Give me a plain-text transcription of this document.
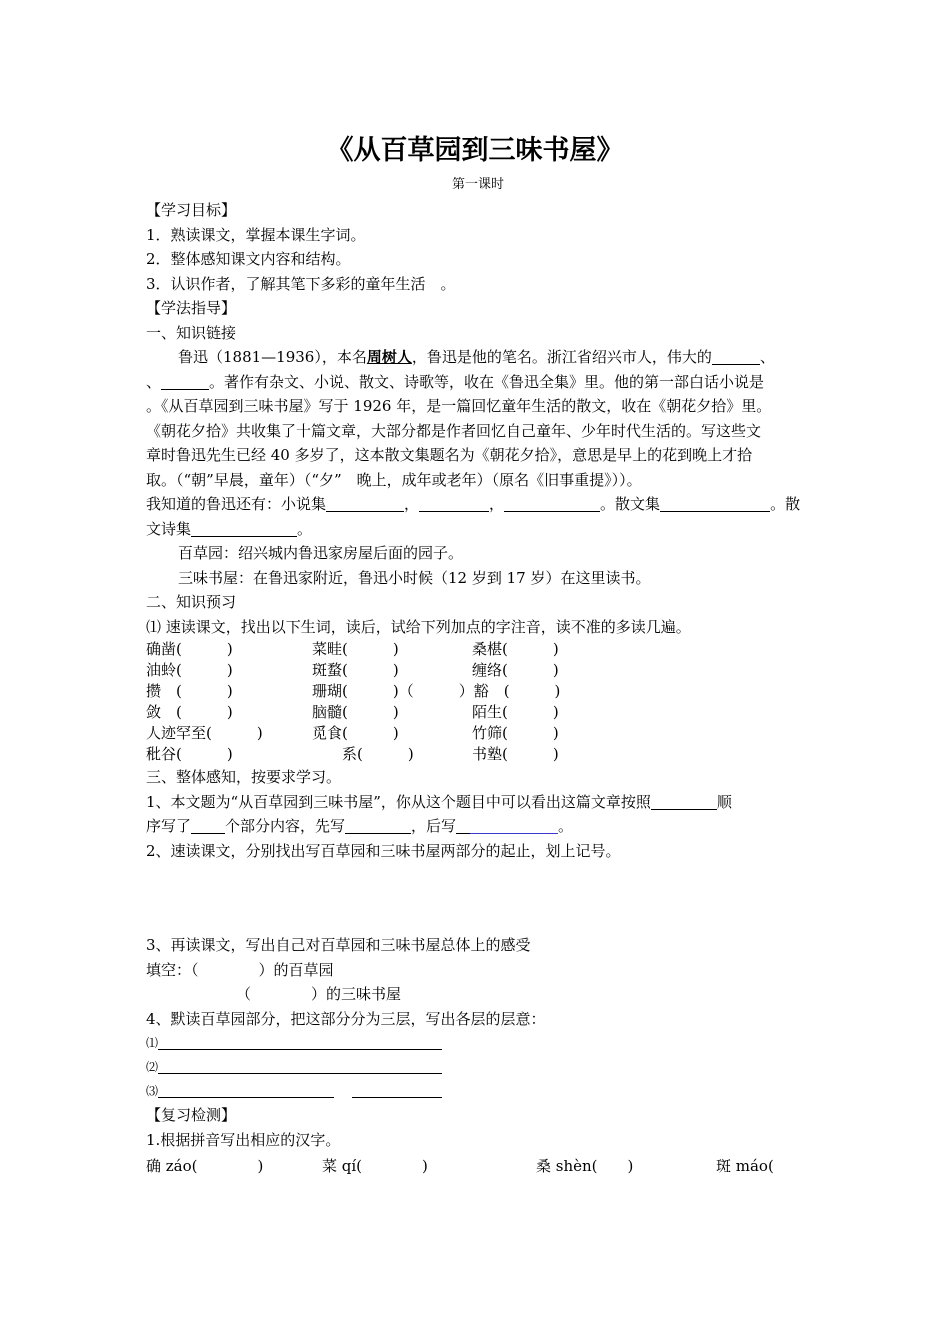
《从百草园到三味书屋》
第一课时
【学习目标】
1．熟读课文，掌握本课生字词。
2．整体感知课文内容和结构。
3．认识作者，了解其笔下多彩的童年生活　。
【学法指导】
一、知识链接
鲁迅（1881—1936），本名周树人，鲁迅是他的笔名。浙江省绍兴市人，伟大的	、
、	。著作有杂文、小说、散文、诗歌等，收在《鲁迅全集》里。他的第一部白话小说是
。《从百草园到三味书屋》写于 1926 年，是一篇回忆童年生活的散文，收在《朝花夕拾》里。
《朝花夕拾》共收集了十篇文章，大部分都是作者回忆自己童年、少年时代生活的。写这些文
章时鲁迅先生已经 40 多岁了，这本散文集题名为《朝花夕拾》，意思是早上的花到晚上才拾
取。（“朝”早晨，童年）（“夕”　晚上，成年或老年）（原名《旧事重提》））。
我知道的鲁迅还有：小说集	，	，	。散文集	。散
文诗集	。
百草园：绍兴城内鲁迅家房屋后面的园子。
三味书屋：在鲁迅家附近，鲁迅小时候（12 岁到 17 岁）在这里读书。
二、知识预习
⑴ 速读课文，找出以下生词，读后，试给下列加点的字注音，读不准的多读几遍。
确凿(　　　)	菜畦(　　　)	桑椹(　　　)
油蛉(　　　)	斑蝥(　　　)	缠络(　　　)
攒　(　　　)	珊瑚(　　　)（　　　）豁　(　　　)
敛　(　　　)	脑髓(　　　)	陌生(　　　)
人迹罕至(　　　)	觅食(　　　)	竹筛(　　　)
秕谷(　　　)	　　系(　　　)	书塾(　　　)
三、整体感知，按要求学习。
1、本文题为“从百草园到三味书屋”，你从这个题目中可以看出这篇文章按照	顺
序写了 个部分内容，先写	，后写	。
2、速读课文，分别找出写百草园和三味书屋两部分的起止，划上记号。
3、再读课文，写出自己对百草园和三味书屋总体上的感受
填空：（　　　　）的百草园
（　　　　）的三味书屋
4、默读百草园部分，把这部分分为三层，写出各层的层意：
⑴
⑵
⑶
【复习检测】
1.根据拼音写出相应的汉字。
确 záo(　　　　)	菜 qí(　　　　)	桑 shèn(　　)	斑 máo(
